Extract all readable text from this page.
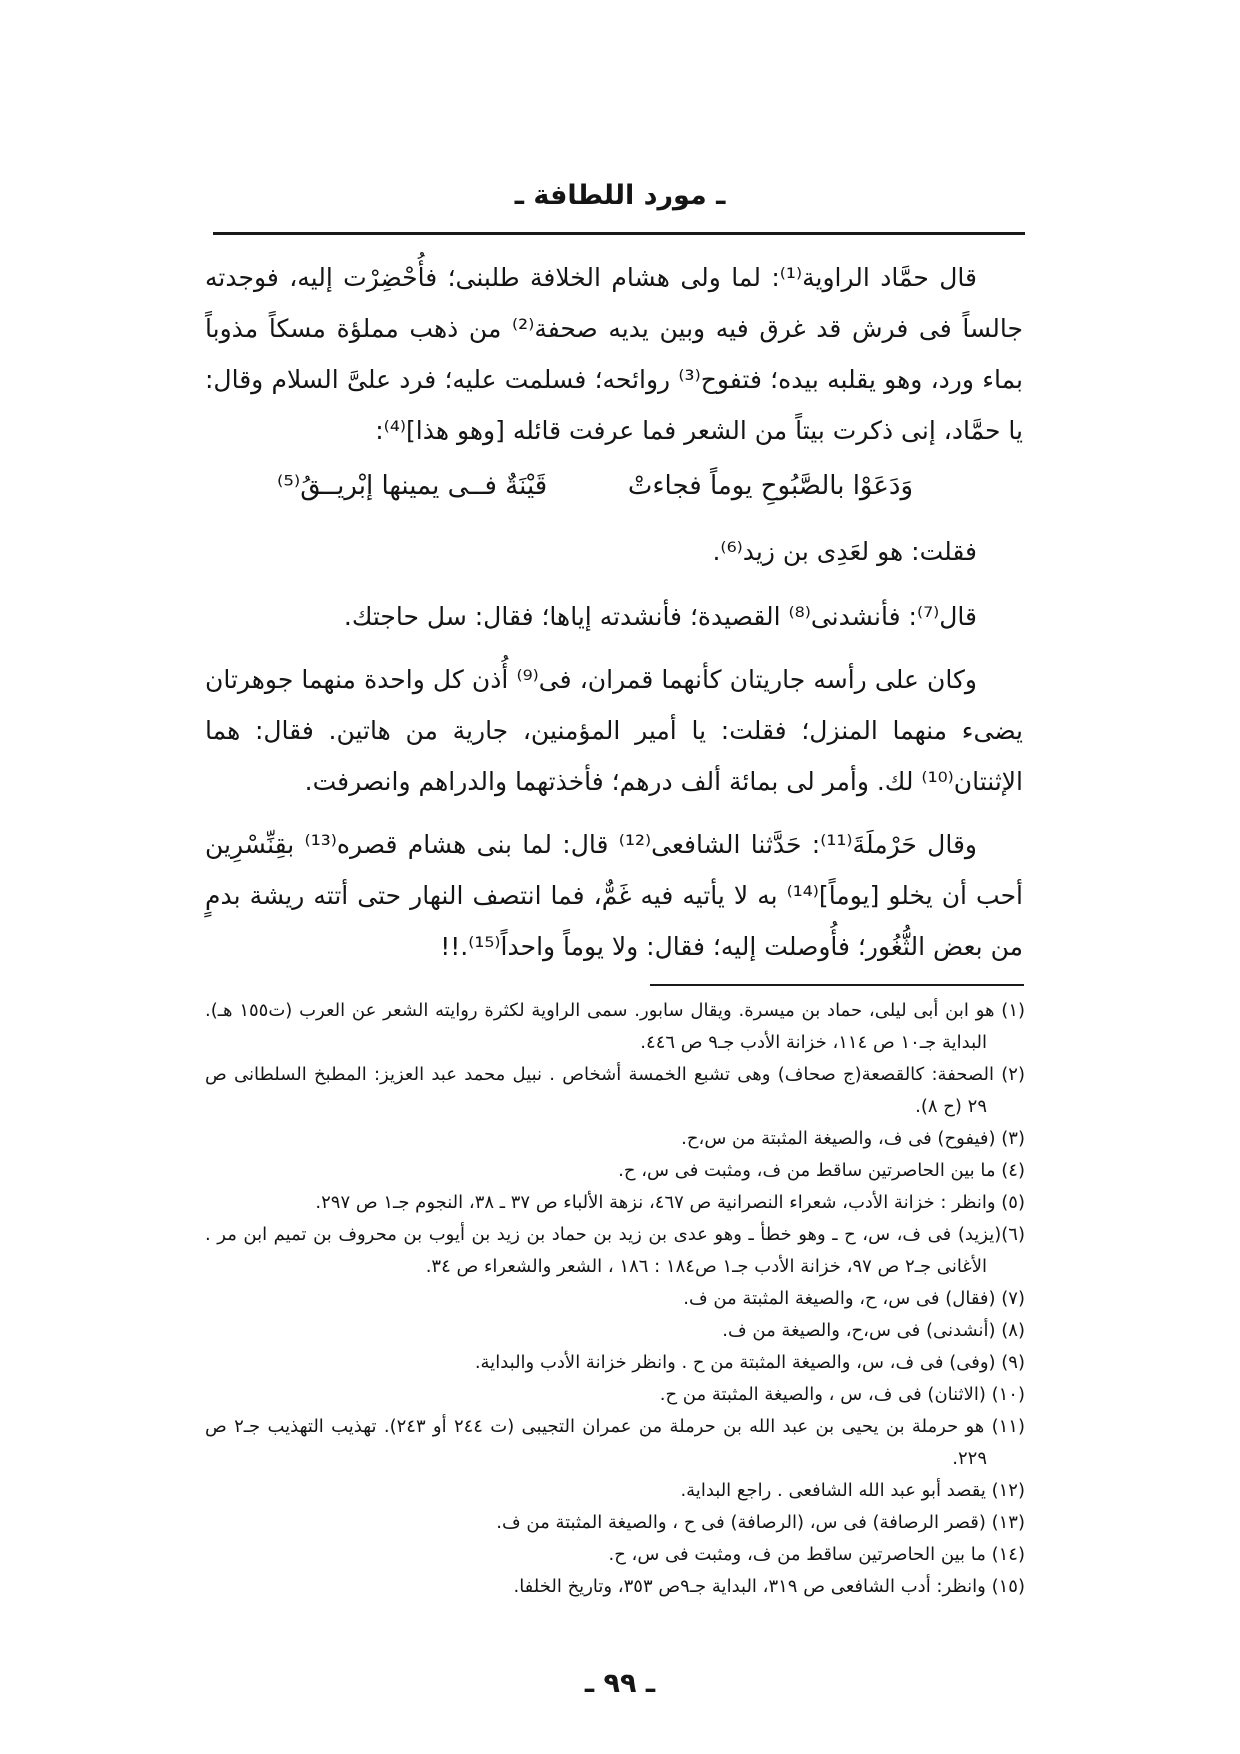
ـ مورد اللطافة ـ

قال حمَّاد الراوية⁽¹⁾: لما ولى هشام الخلافة طلبنى؛ فأُحْضِرْت إليه، فوجدته جالساً فى فرش قد غرق فيه وبين يديه صحفة⁽²⁾ من ذهب مملؤة مسكاً مذوباً بماء ورد، وهو يقلبه بيده؛ فتفوح⁽³⁾ روائحه؛ فسلمت عليه؛ فرد علىَّ السلام وقال: يا حمَّاد، إنى ذكرت بيتاً من الشعر فما عرفت قائله [وهو هذا]⁽⁴⁾:

وَدَعَوْا بالصَّبُوحِ يوماً فجاءتْ
قَيْنَةٌ فــى يمينها إبْريــقُ⁽⁵⁾

فقلت: هو لعَدِى بن زيد⁽⁶⁾.

قال⁽⁷⁾: فأنشدنى⁽⁸⁾ القصيدة؛ فأنشدته إياها؛ فقال: سل حاجتك.

وكان على رأسه جاريتان كأنهما قمران، فى⁽⁹⁾ أُذن كل واحدة منهما جوهرتان يضىء منهما المنزل؛ فقلت: يا أمير المؤمنين، جارية من هاتين. فقال: هما الإثنتان⁽¹⁰⁾ لك. وأمر لى بمائة ألف درهم؛ فأخذتهما والدراهم وانصرفت.

وقال حَرْملَةَ⁽¹¹⁾: حَدَّثنا الشافعى⁽¹²⁾ قال: لما بنى هشام قصره⁽¹³⁾ بقِنِّسْرِين أحب أن يخلو [يوماً]⁽¹⁴⁾ به لا يأتيه فيه غَمٌّ، فما انتصف النهار حتى أتته ريشة بدمٍ من بعض الثُّغُور؛ فأُوصلت إليه؛ فقال: ولا يوماً واحداً⁽¹⁵⁾.!!

(١) هو ابن أبى ليلى، حماد بن ميسرة. ويقال سابور. سمى الراوية لكثرة روايته الشعر عن العرب (ت١٥٥ هـ). البداية جـ١٠ ص ١١٤، خزانة الأدب جـ٩ ص ٤٤٦.
(٢) الصحفة: كالقصعة(ج صحاف) وهى تشبع الخمسة أشخاص . نبيل محمد عبد العزيز: المطبخ السلطانى ص ٢٩ (ح ٨).
(٣) (فيفوح) فى ف، والصيغة المثبتة من س،ح.
(٤) ما بين الحاصرتين ساقط من ف، ومثبت فى س، ح.
(٥) وانظر : خزانة الأدب، شعراء النصرانية ص ٤٦٧، نزهة الألباء ص ٣٧ ـ ٣٨، النجوم جـ١ ص ٢٩٧.
(٦)(يزيد) فى ف، س، ح ـ وهو خطأ ـ وهو عدى بن زيد بن حماد بن زيد بن أيوب بن محروف بن تميم ابن مر . الأغانى جـ٢ ص ٩٧، خزانة الأدب جـ١ ص١٨٤ : ١٨٦ ، الشعر والشعراء ص ٣٤.
(٧) (فقال) فى س، ح، والصيغة المثبتة من ف.
(٨) (أنشدنى) فى س،ح، والصيغة من ف.
(٩) (وفى) فى ف، س، والصيغة المثبتة من ح . وانظر خزانة الأدب والبداية.
(١٠) (الاثنان) فى ف، س ، والصيغة المثبتة من ح.
(١١) هو حرملة بن يحيى بن عبد الله بن حرملة من عمران التجيبى (ت ٢٤٤ أو ٢٤٣). تهذيب التهذيب جـ٢ ص ٢٢٩.
(١٢) يقصد أبو عبد الله الشافعى . راجع البداية.
(١٣) (قصر الرصافة) فى س، (الرصافة) فى ح ، والصيغة المثبتة من ف.
(١٤) ما بين الحاصرتين ساقط من ف، ومثبت فى س، ح.
(١٥) وانظر: أدب الشافعى ص ٣١٩، البداية جـ٩ص ٣٥٣، وتاريخ الخلفا.
ـ ٩٩ ـ
